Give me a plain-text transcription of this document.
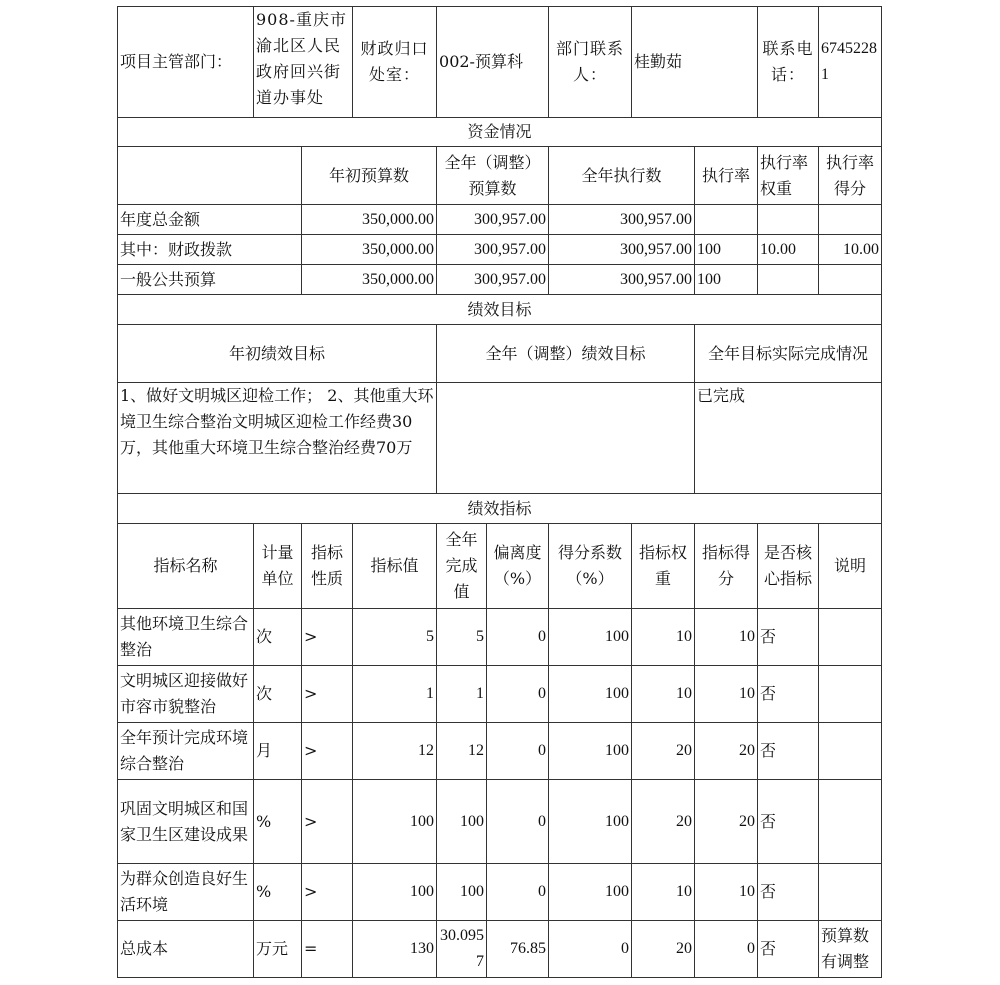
项目主管部门：	908-重庆市渝北区人民政府回兴街道办事处		财政归口处室：	002-预算科		部门联系人：	桂勤茹		联系电话：	67452281
资金情况										
		年初预算数		全年（调整）预算数		全年执行数		执行率	执行率权重	执行率得分
年度总金额		350,000.00		300,957.00		300,957.00				
其中：财政拨款		350,000.00		300,957.00		300,957.00		100	10.00	10.00
一般公共预算		350,000.00		300,957.00		300,957.00		100		
绩效目标										
年初绩效目标				全年（调整）绩效目标				全年目标实际完成情况		
1、做好文明城区迎检工作； 2、其他重大环境卫生综合整治文明城区迎检工作经费30万，其他重大环境卫生综合整治经费70万								已完成		
绩效指标										
指标名称	计量单位	指标性质	指标值	全年完成值	偏离度（%）	得分系数（%）	指标权重	指标得分	是否核心指标	说明
其他环境卫生综合整治	次	>	5	5	0	100	10	10	否	
文明城区迎接做好市容市貌整治	次	>	1	1	0	100	10	10	否	
全年预计完成环境综合整治	月	>	12	12	0	100	20	20	否	
巩固文明城区和国家卫生区建设成果	%	>	100	100	0	100	20	20	否	
为群众创造良好生活环境	%	>	100	100	0	100	10	10	否	
总成本	万元	=	130	30.0957	76.85	0	20	0	否	预算数有调整
